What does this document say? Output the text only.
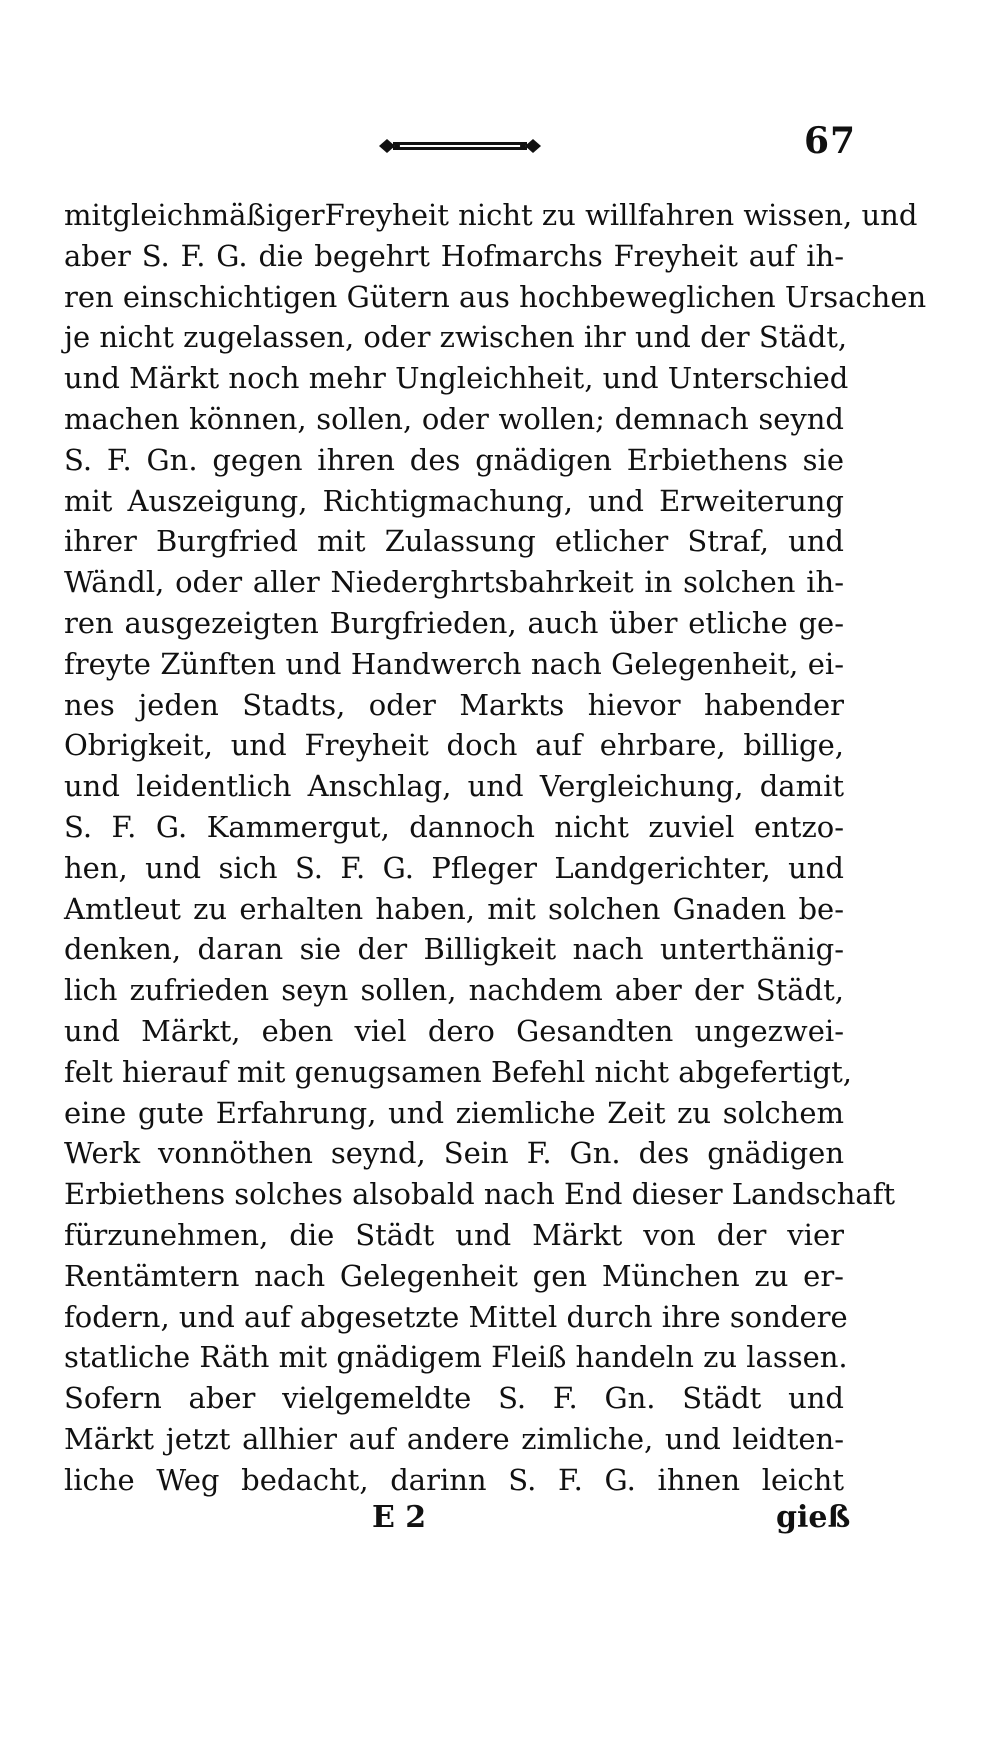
67
mitgleichmäßigerFreyheit nicht zu willfahren wissen, und
aber S. F. G. die begehrt Hofmarchs Freyheit auf ih-
ren einschichtigen Gütern aus hochbeweglichen Ursachen
je nicht zugelassen, oder zwischen ihr und der Städt,
und Märkt noch mehr Ungleichheit, und Unterschied
machen können, sollen, oder wollen; demnach seynd
S. F. Gn. gegen ihren des gnädigen Erbiethens sie
mit Auszeigung, Richtigmachung, und Erweiterung
ihrer Burgfried mit Zulassung etlicher Straf, und
Wändl, oder aller Niederghrtsbahrkeit in solchen ih-
ren ausgezeigten Burgfrieden, auch über etliche ge-
freyte Zünften und Handwerch nach Gelegenheit, ei-
nes jeden Stadts, oder Markts hievor habender
Obrigkeit, und Freyheit doch auf ehrbare, billige,
und leidentlich Anschlag, und Vergleichung, damit
S. F. G. Kammergut, dannoch nicht zuviel entzo-
hen, und sich S. F. G. Pfleger Landgerichter, und
Amtleut zu erhalten haben, mit solchen Gnaden be-
denken, daran sie der Billigkeit nach unterthänig-
lich zufrieden seyn sollen, nachdem aber der Städt,
und Märkt, eben viel dero Gesandten ungezwei-
felt hierauf mit genugsamen Befehl nicht abgefertigt,
eine gute Erfahrung, und ziemliche Zeit zu solchem
Werk vonnöthen seynd, Sein F. Gn. des gnädigen
Erbiethens solches alsobald nach End dieser Landschaft
fürzunehmen, die Städt und Märkt von der vier
Rentämtern nach Gelegenheit gen München zu er-
fodern, und auf abgesetzte Mittel durch ihre sondere
statliche Räth mit gnädigem Fleiß handeln zu lassen.
Sofern aber vielgemeldte S. F. Gn. Städt und
Märkt jetzt allhier auf andere zimliche, und leidten-
liche Weg bedacht, darinn S. F. G. ihnen leicht
E 2	gieß
